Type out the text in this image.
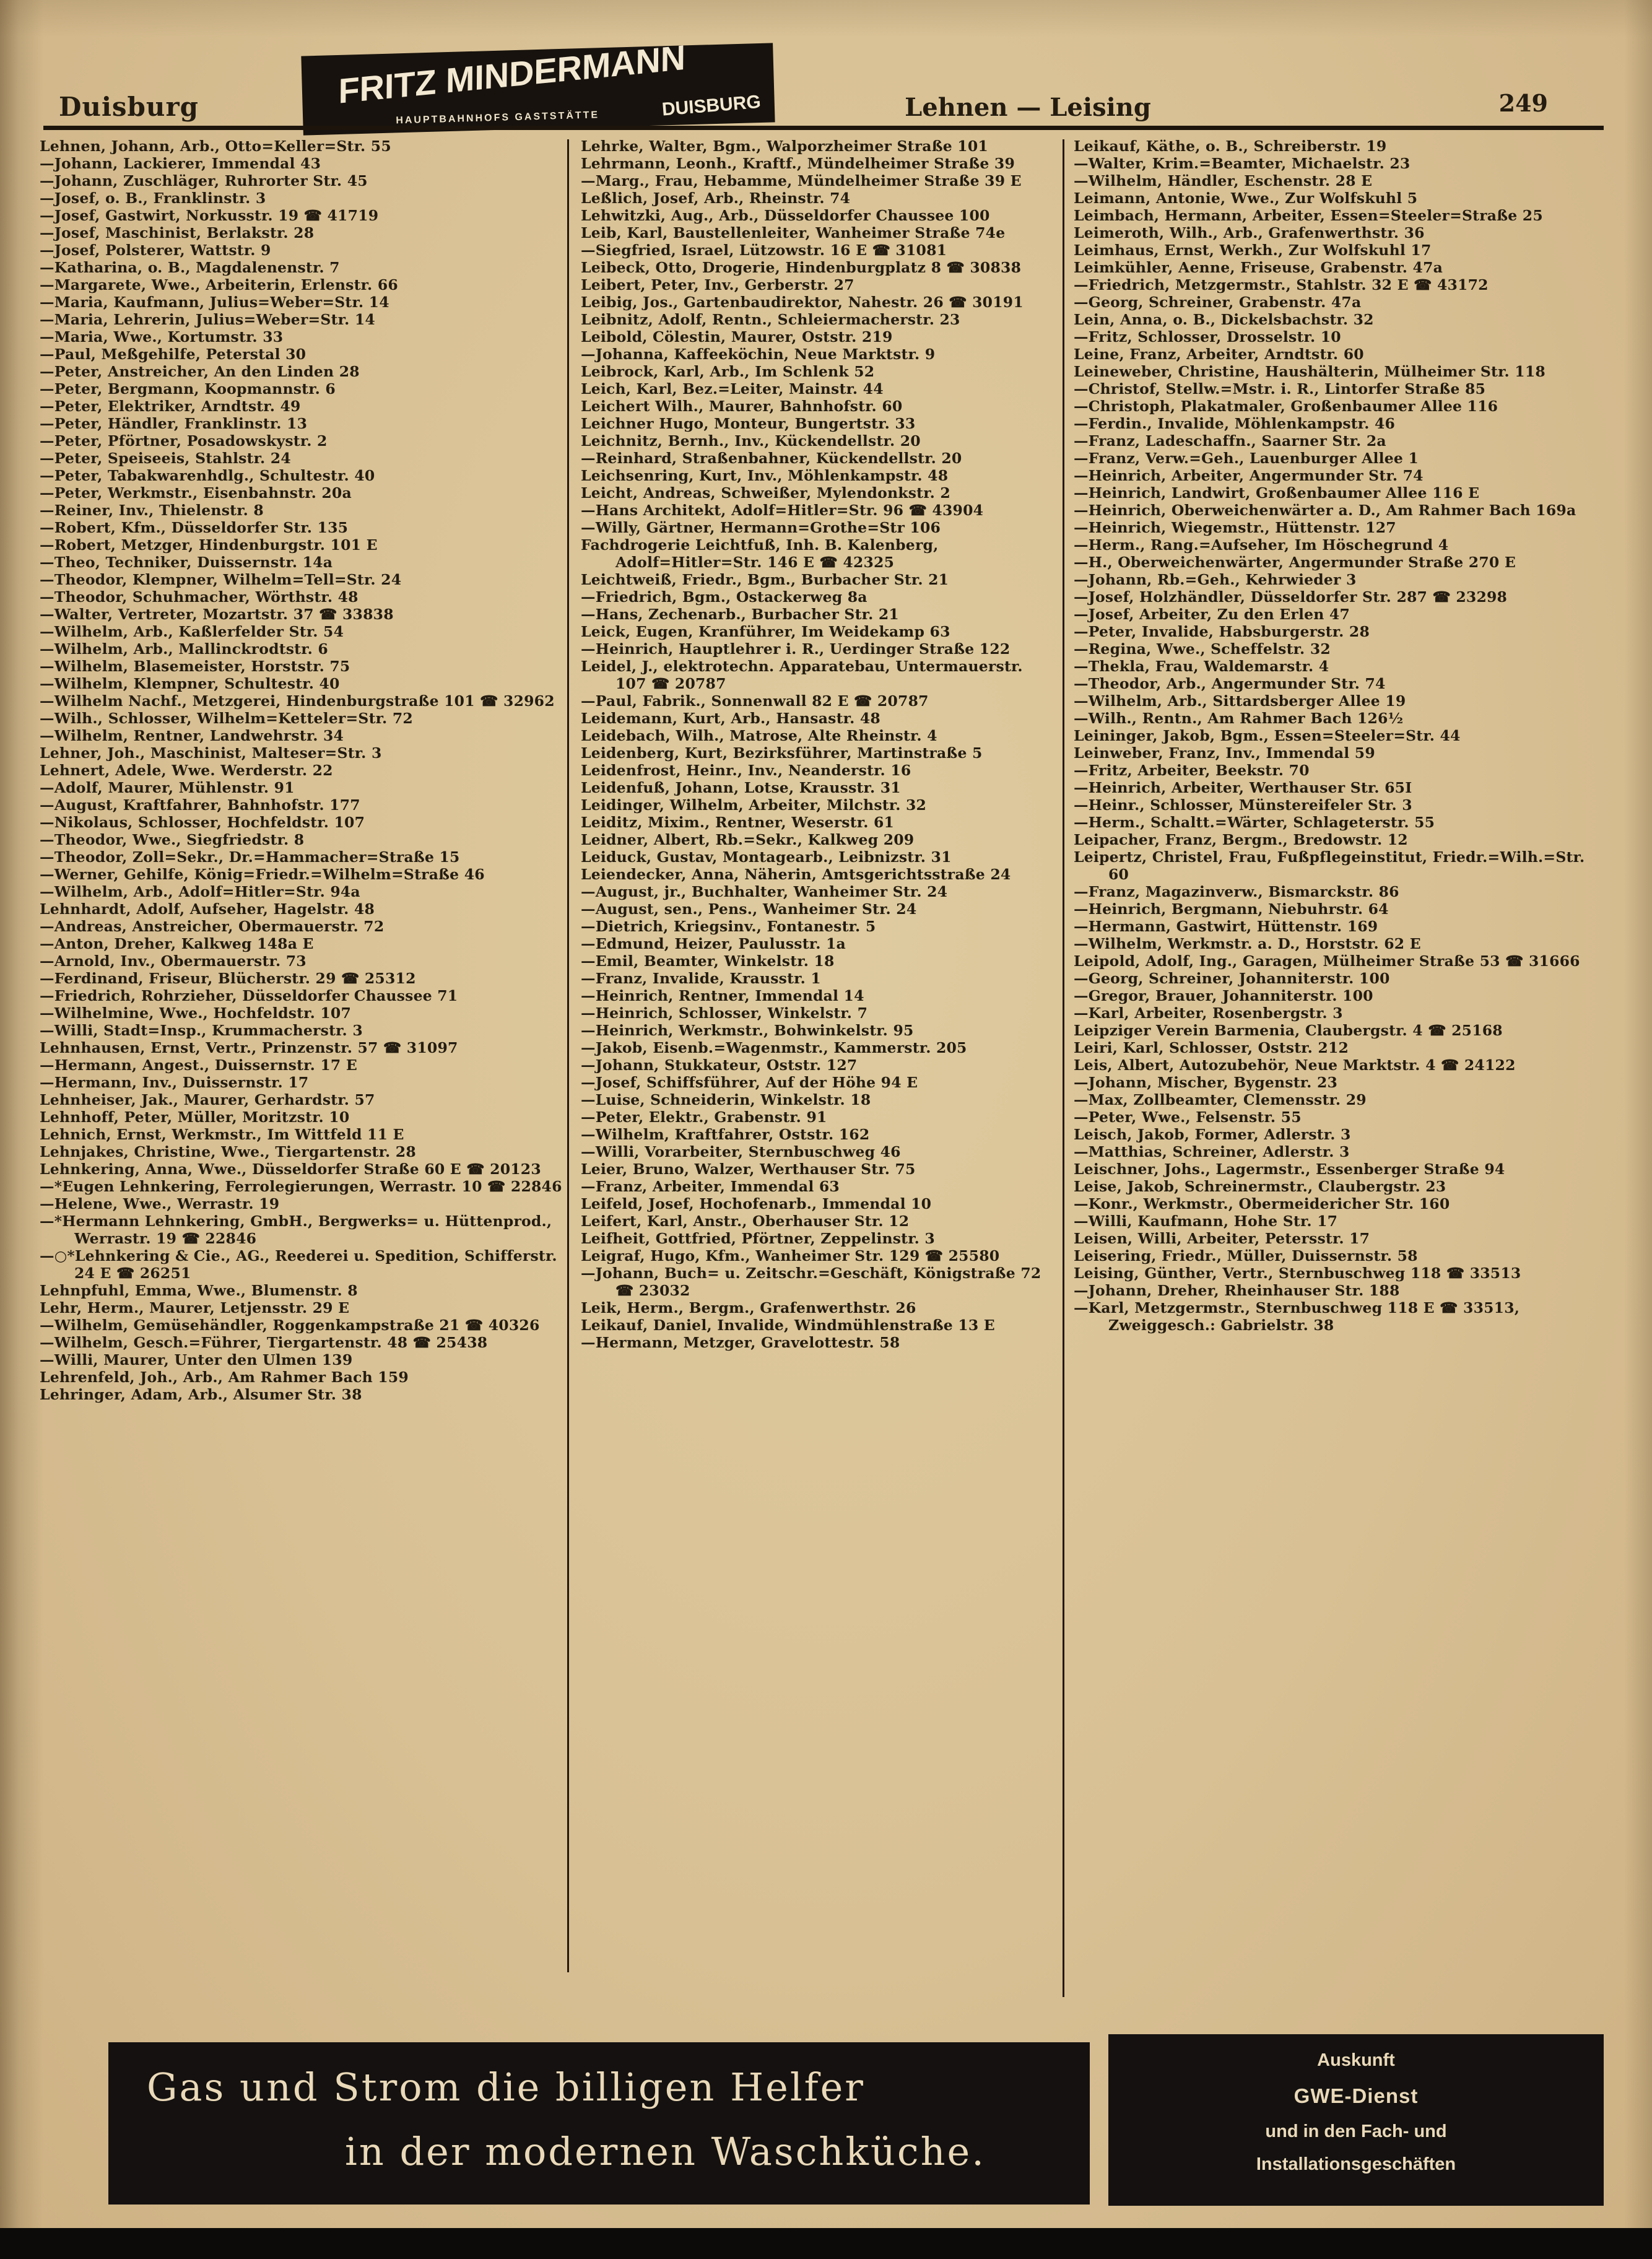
Duisburg	FRITZ MINDERMANN
HAUPTBAHNHOFS GASTSTÄTTE	DUISBURG	Lehnen — Leising	249
Lehnen, Johann, Arb., Otto=Keller=Str. 55
—Johann, Lackierer, Immendal 43
—Johann, Zuschläger, Ruhrorter Str. 45
—Josef, o. B., Franklinstr. 3
—Josef, Gastwirt, Norkusstr. 19 ☎ 41719
—Josef, Maschinist, Berlakstr. 28
—Josef, Polsterer, Wattstr. 9
—Katharina, o. B., Magdalenenstr. 7
—Margarete, Wwe., Arbeiterin, Erlenstr. 66
—Maria, Kaufmann, Julius=Weber=Str. 14
—Maria, Lehrerin, Julius=Weber=Str. 14
—Maria, Wwe., Kortumstr. 33
—Paul, Meßgehilfe, Peterstal 30
—Peter, Anstreicher, An den Linden 28
—Peter, Bergmann, Koopmannstr. 6
—Peter, Elektriker, Arndtstr. 49
—Peter, Händler, Franklinstr. 13
—Peter, Pförtner, Posadowskystr. 2
—Peter, Speiseeis, Stahlstr. 24
—Peter, Tabakwarenhdlg., Schultestr. 40
—Peter, Werkmstr., Eisenbahnstr. 20a
—Reiner, Inv., Thielenstr. 8
—Robert, Kfm., Düsseldorfer Str. 135
—Robert, Metzger, Hindenburgstr. 101 E
—Theo, Techniker, Duissernstr. 14a
—Theodor, Klempner, Wilhelm=Tell=Str. 24
—Theodor, Schuhmacher, Wörthstr. 48
—Walter, Vertreter, Mozartstr. 37 ☎ 33838
—Wilhelm, Arb., Kaßlerfelder Str. 54
—Wilhelm, Arb., Mallinckrodtstr. 6
—Wilhelm, Blasemeister, Horststr. 75
—Wilhelm, Klempner, Schultestr. 40
—Wilhelm Nachf., Metzgerei, Hindenburgstraße 101 ☎ 32962
—Wilh., Schlosser, Wilhelm=Ketteler=Str. 72
—Wilhelm, Rentner, Landwehrstr. 34
Lehner, Joh., Maschinist, Malteser=Str. 3
Lehnert, Adele, Wwe. Werderstr. 22
—Adolf, Maurer, Mühlenstr. 91
—August, Kraftfahrer, Bahnhofstr. 177
—Nikolaus, Schlosser, Hochfeldstr. 107
—Theodor, Wwe., Siegfriedstr. 8
—Theodor, Zoll=Sekr., Dr.=Hammacher=Straße 15
—Werner, Gehilfe, König=Friedr.=Wilhelm=Straße 46
—Wilhelm, Arb., Adolf=Hitler=Str. 94a
Lehnhardt, Adolf, Aufseher, Hagelstr. 48
—Andreas, Anstreicher, Obermauerstr. 72
—Anton, Dreher, Kalkweg 148a E
—Arnold, Inv., Obermauerstr. 73
—Ferdinand, Friseur, Blücherstr. 29 ☎ 25312
—Friedrich, Rohrzieher, Düsseldorfer Chaussee 71
—Wilhelmine, Wwe., Hochfeldstr. 107
—Willi, Stadt=Insp., Krummacherstr. 3
Lehnhausen, Ernst, Vertr., Prinzenstr. 57 ☎ 31097
—Hermann, Angest., Duissernstr. 17 E
—Hermann, Inv., Duissernstr. 17
Lehnheiser, Jak., Maurer, Gerhardstr. 57
Lehnhoff, Peter, Müller, Moritzstr. 10
Lehnich, Ernst, Werkmstr., Im Wittfeld 11 E
Lehnjakes, Christine, Wwe., Tiergartenstr. 28
Lehnkering, Anna, Wwe., Düsseldorfer Straße 60 E ☎ 20123
—*Eugen Lehnkering, Ferrolegierungen, Werrastr. 10 ☎ 22846
—Helene, Wwe., Werrastr. 19
—*Hermann Lehnkering, GmbH., Bergwerks= u. Hüttenprod., Werrastr. 19 ☎ 22846
—○*Lehnkering & Cie., AG., Reederei u. Spedition, Schifferstr. 24 E ☎ 26251
Lehnpfuhl, Emma, Wwe., Blumenstr. 8
Lehr, Herm., Maurer, Letjensstr. 29 E
—Wilhelm, Gemüsehändler, Roggenkampstraße 21 ☎ 40326
—Wilhelm, Gesch.=Führer, Tiergartenstr. 48 ☎ 25438
—Willi, Maurer, Unter den Ulmen 139
Lehrenfeld, Joh., Arb., Am Rahmer Bach 159
Lehringer, Adam, Arb., Alsumer Str. 38
Lehrke, Walter, Bgm., Walporzheimer Straße 101
Lehrmann, Leonh., Kraftf., Mündelheimer Straße 39
—Marg., Frau, Hebamme, Mündelheimer Straße 39 E
Leßlich, Josef, Arb., Rheinstr. 74
Lehwitzki, Aug., Arb., Düsseldorfer Chaussee 100
Leib, Karl, Baustellenleiter, Wanheimer Straße 74e
—Siegfried, Israel, Lützowstr. 16 E ☎ 31081
Leibeck, Otto, Drogerie, Hindenburgplatz 8 ☎ 30838
Leibert, Peter, Inv., Gerberstr. 27
Leibig, Jos., Gartenbaudirektor, Nahestr. 26 ☎ 30191
Leibnitz, Adolf, Rentn., Schleiermacherstr. 23
Leibold, Cölestin, Maurer, Oststr. 219
—Johanna, Kaffeeköchin, Neue Marktstr. 9
Leibrock, Karl, Arb., Im Schlenk 52
Leich, Karl, Bez.=Leiter, Mainstr. 44
Leichert Wilh., Maurer, Bahnhofstr. 60
Leichner Hugo, Monteur, Bungertstr. 33
Leichnitz, Bernh., Inv., Kückendellstr. 20
—Reinhard, Straßenbahner, Kückendellstr. 20
Leichsenring, Kurt, Inv., Möhlenkampstr. 48
Leicht, Andreas, Schweißer, Mylendonkstr. 2
—Hans Architekt, Adolf=Hitler=Str. 96 ☎ 43904
—Willy, Gärtner, Hermann=Grothe=Str 106
Fachdrogerie Leichtfuß, Inh. B. Kalenberg, Adolf=Hitler=Str. 146 E ☎ 42325
Leichtweiß, Friedr., Bgm., Burbacher Str. 21
—Friedrich, Bgm., Ostackerweg 8a
—Hans, Zechenarb., Burbacher Str. 21
Leick, Eugen, Kranführer, Im Weidekamp 63
—Heinrich, Hauptlehrer i. R., Uerdinger Straße 122
Leidel, J., elektrotechn. Apparatebau, Untermauerstr. 107 ☎ 20787
—Paul, Fabrik., Sonnenwall 82 E ☎ 20787
Leidemann, Kurt, Arb., Hansastr. 48
Leidebach, Wilh., Matrose, Alte Rheinstr. 4
Leidenberg, Kurt, Bezirksführer, Martinstraße 5
Leidenfrost, Heinr., Inv., Neanderstr. 16
Leidenfuß, Johann, Lotse, Krausstr. 31
Leidinger, Wilhelm, Arbeiter, Milchstr. 32
Leiditz, Mixim., Rentner, Weserstr. 61
Leidner, Albert, Rb.=Sekr., Kalkweg 209
Leiduck, Gustav, Montagearb., Leibnizstr. 31
Leiendecker, Anna, Näherin, Amtsgerichtsstraße 24
—August, jr., Buchhalter, Wanheimer Str. 24
—August, sen., Pens., Wanheimer Str. 24
—Dietrich, Kriegsinv., Fontanestr. 5
—Edmund, Heizer, Paulusstr. 1a
—Emil, Beamter, Winkelstr. 18
—Franz, Invalide, Krausstr. 1
—Heinrich, Rentner, Immendal 14
—Heinrich, Schlosser, Winkelstr. 7
—Heinrich, Werkmstr., Bohwinkelstr. 95
—Jakob, Eisenb.=Wagenmstr., Kammerstr. 205
—Johann, Stukkateur, Oststr. 127
—Josef, Schiffsführer, Auf der Höhe 94 E
—Luise, Schneiderin, Winkelstr. 18
—Peter, Elektr., Grabenstr. 91
—Wilhelm, Kraftfahrer, Oststr. 162
—Willi, Vorarbeiter, Sternbuschweg 46
Leier, Bruno, Walzer, Werthauser Str. 75
—Franz, Arbeiter, Immendal 63
Leifeld, Josef, Hochofenarb., Immendal 10
Leifert, Karl, Anstr., Oberhauser Str. 12
Leifheit, Gottfried, Pförtner, Zeppelinstr. 3
Leigraf, Hugo, Kfm., Wanheimer Str. 129 ☎ 25580
—Johann, Buch= u. Zeitschr.=Geschäft, Königstraße 72 ☎ 23032
Leik, Herm., Bergm., Grafenwerthstr. 26
Leikauf, Daniel, Invalide, Windmühlenstraße 13 E
—Hermann, Metzger, Gravelottestr. 58
Leikauf, Käthe, o. B., Schreiberstr. 19
—Walter, Krim.=Beamter, Michaelstr. 23
—Wilhelm, Händler, Eschenstr. 28 E
Leimann, Antonie, Wwe., Zur Wolfskuhl 5
Leimbach, Hermann, Arbeiter, Essen=Steeler=Straße 25
Leimeroth, Wilh., Arb., Grafenwerthstr. 36
Leimhaus, Ernst, Werkh., Zur Wolfskuhl 17
Leimkühler, Aenne, Friseuse, Grabenstr. 47a
—Friedrich, Metzgermstr., Stahlstr. 32 E ☎ 43172
—Georg, Schreiner, Grabenstr. 47a
Lein, Anna, o. B., Dickelsbachstr. 32
—Fritz, Schlosser, Drosselstr. 10
Leine, Franz, Arbeiter, Arndtstr. 60
Leineweber, Christine, Haushälterin, Mülheimer Str. 118
—Christof, Stellw.=Mstr. i. R., Lintorfer Straße 85
—Christoph, Plakatmaler, Großenbaumer Allee 116
—Ferdin., Invalide, Möhlenkampstr. 46
—Franz, Ladeschaffn., Saarner Str. 2a
—Franz, Verw.=Geh., Lauenburger Allee 1
—Heinrich, Arbeiter, Angermunder Str. 74
—Heinrich, Landwirt, Großenbaumer Allee 116 E
—Heinrich, Oberweichenwärter a. D., Am Rahmer Bach 169a
—Heinrich, Wiegemstr., Hüttenstr. 127
—Herm., Rang.=Aufseher, Im Höschegrund 4
—H., Oberweichenwärter, Angermunder Straße 270 E
—Johann, Rb.=Geh., Kehrwieder 3
—Josef, Holzhändler, Düsseldorfer Str. 287 ☎ 23298
—Josef, Arbeiter, Zu den Erlen 47
—Peter, Invalide, Habsburgerstr. 28
—Regina, Wwe., Scheffelstr. 32
—Thekla, Frau, Waldemarstr. 4
—Theodor, Arb., Angermunder Str. 74
—Wilhelm, Arb., Sittardsberger Allee 19
—Wilh., Rentn., Am Rahmer Bach 126½
Leininger, Jakob, Bgm., Essen=Steeler=Str. 44
Leinweber, Franz, Inv., Immendal 59
—Fritz, Arbeiter, Beekstr. 70
—Heinrich, Arbeiter, Werthauser Str. 65I
—Heinr., Schlosser, Münstereifeler Str. 3
—Herm., Schaltt.=Wärter, Schlageterstr. 55
Leipacher, Franz, Bergm., Bredowstr. 12
Leipertz, Christel, Frau, Fußpflegeinstitut, Friedr.=Wilh.=Str. 60
—Franz, Magazinverw., Bismarckstr. 86
—Heinrich, Bergmann, Niebuhrstr. 64
—Hermann, Gastwirt, Hüttenstr. 169
—Wilhelm, Werkmstr. a. D., Horststr. 62 E
Leipold, Adolf, Ing., Garagen, Mülheimer Straße 53 ☎ 31666
—Georg, Schreiner, Johanniterstr. 100
—Gregor, Brauer, Johanniterstr. 100
—Karl, Arbeiter, Rosenbergstr. 3
Leipziger Verein Barmenia, Claubergstr. 4 ☎ 25168
Leiri, Karl, Schlosser, Oststr. 212
Leis, Albert, Autozubehör, Neue Marktstr. 4 ☎ 24122
—Johann, Mischer, Bygenstr. 23
—Max, Zollbeamter, Clemensstr. 29
—Peter, Wwe., Felsenstr. 55
Leisch, Jakob, Former, Adlerstr. 3
—Matthias, Schreiner, Adlerstr. 3
Leischner, Johs., Lagermstr., Essenberger Straße 94
Leise, Jakob, Schreinermstr., Claubergstr. 23
—Konr., Werkmstr., Obermeidericher Str. 160
—Willi, Kaufmann, Hohe Str. 17
Leisen, Willi, Arbeiter, Petersstr. 17
Leisering, Friedr., Müller, Duissernstr. 58
Leising, Günther, Vertr., Sternbuschweg 118 ☎ 33513
—Johann, Dreher, Rheinhauser Str. 188
—Karl, Metzgermstr., Sternbuschweg 118 E ☎ 33513, Zweiggesch.: Gabrielstr. 38
Gas und Strom die billigen Helfer
in der modernen Waschküche.
Auskunft
GWE-Dienst
und in den Fach- und
Installationsgeschäften
